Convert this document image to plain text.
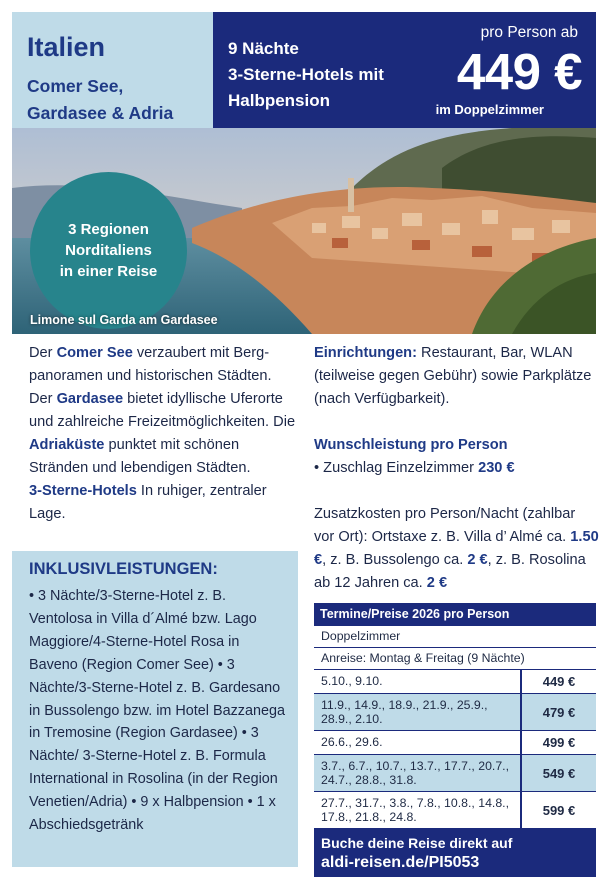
Italien
Comer See,
Gardasee & Adria
9 Nächte
3-Sterne-Hotels mit
Halbpension
pro Person ab
449 €
im Doppelzimmer
3 Regionen
Norditaliens
in einer Reise
Limone sul Garda am Gardasee
Der Comer See verzaubert mit Bergpanoramen und historischen Städten. Der Gardasee bietet idyllische Uferorte und zahlreiche Freizeitmöglichkeiten. Die Adriaküste punktet mit schönen Stränden und lebendigen Städten.
3-Sterne-Hotels In ruhiger, zentraler Lage.
INKLUSIVLEISTUNGEN:
• 3 Nächte/3-Sterne-Hotel z. B. Ventolosa in Villa d´Almé bzw. Lago Maggiore/4-Sterne-Hotel Rosa in Baveno (Region Comer See) • 3 Nächte/3-Sterne-Hotel z. B. Gardesano in Bussolengo bzw. im Hotel Bazzanega in Tremosine (Region Gardasee) • 3 Nächte/ 3-Sterne-Hotel z. B. Formula International in Rosolina (in der Region Venetien/Adria) • 9 x Halbpension • 1 x Abschiedsgetränk
Einrichtungen: Restaurant, Bar, WLAN (teilweise gegen Gebühr) sowie Parkplätze (nach Verfügbarkeit).
Wunschleistung pro Person
• Zuschlag Einzelzimmer 230 €
Zusatzkosten pro Person/Nacht (zahlbar vor Ort): Ortstaxe z. B. Villa d’ Almé ca. 1.50 €, z. B. Bussolengo ca. 2 €, z. B. Rosolina ab 12 Jahren ca. 2 €
Termine/Preise 2026 pro Person
Doppelzimmer
Anreise: Montag & Freitag (9 Nächte)
5.10., 9.10.	449 €
11.9., 14.9., 18.9., 21.9., 25.9., 28.9., 2.10.	479 €
26.6., 29.6.	499 €
3.7., 6.7., 10.7., 13.7., 17.7., 20.7., 24.7., 28.8., 31.8.	549 €
27.7., 31.7., 3.8., 7.8., 10.8., 14.8., 17.8., 21.8., 24.8.	599 €
Buche deine Reise direkt auf
aldi-reisen.de/PI5053
